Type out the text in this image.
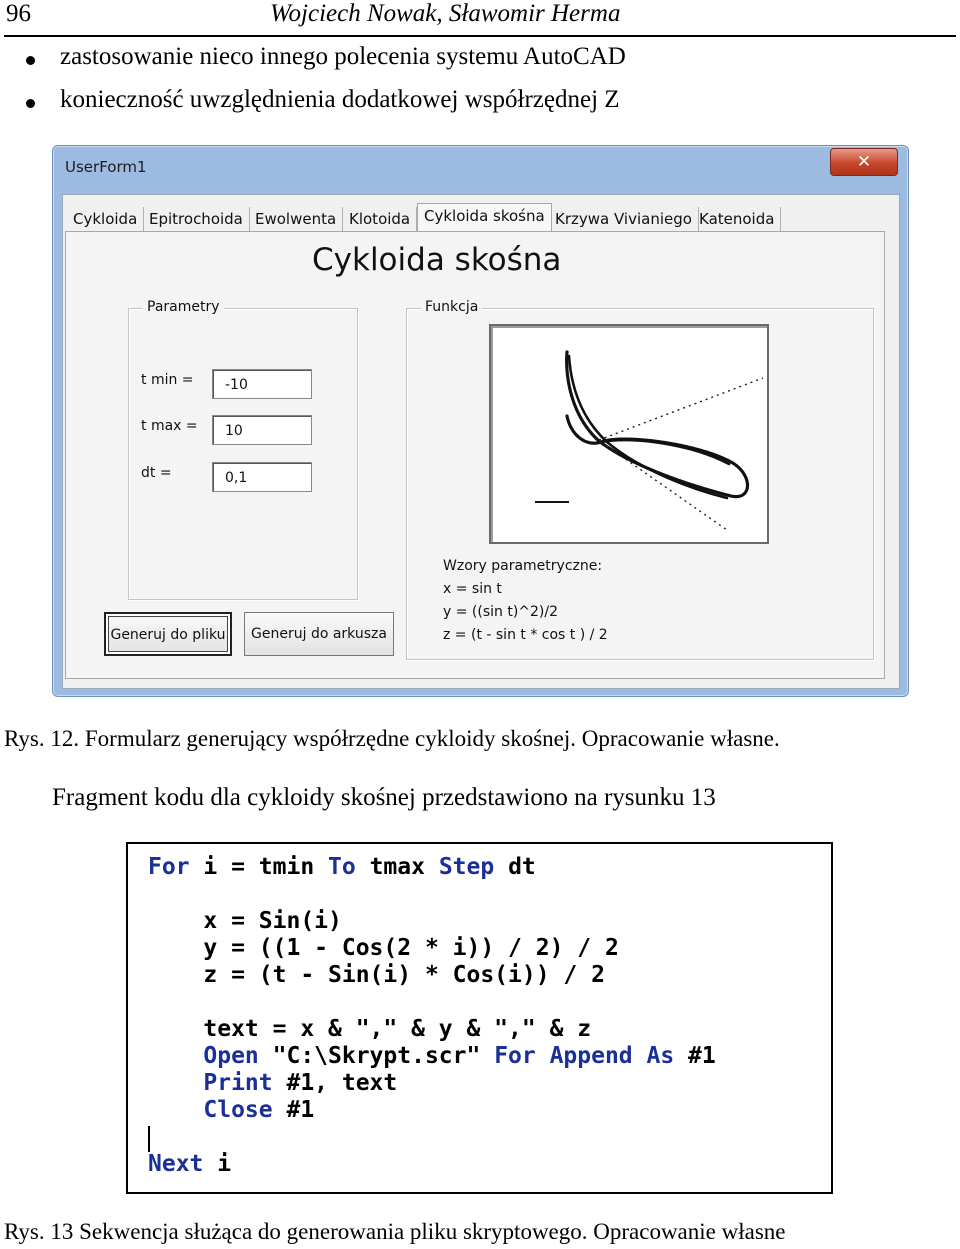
96	Wojciech Nowak, Sławomir Herma
zastosowanie nieco innego polecenia systemu AutoCAD
konieczność uwzględnienia dodatkowej współrzędnej Z
UserForm1	✕
Cykloida Epitrochoida Ewolwenta Klotoida Cykloida skośna Krzywa Vivianiego Katenoida
Cykloida skośna
Parametry
t min =	-10
t max =	10
dt =	0,1
Funkcja
Wzory parametryczne:
x = sin t
y = ((sin t)^2)/2
z = (t - sin t * cos t ) / 2
Generuj do pliku	Generuj do arkusza
Rys. 12. Formularz generujący współrzędne cykloidy skośnej. Opracowanie własne.
Fragment kodu dla cykloidy skośnej przedstawiono na rysunku 13
For i = tmin To tmax Step dt
x = Sin(i)
y = ((1 - Cos(2 * i)) / 2) / 2
z = (t - Sin(i) * Cos(i)) / 2
text = x & "," & y & "," & z
Open "C:\Skrypt.scr" For Append As #1
Print #1, text
Close #1
Next i
Rys. 13 Sekwencja służąca do generowania pliku skryptowego. Opracowanie własne
